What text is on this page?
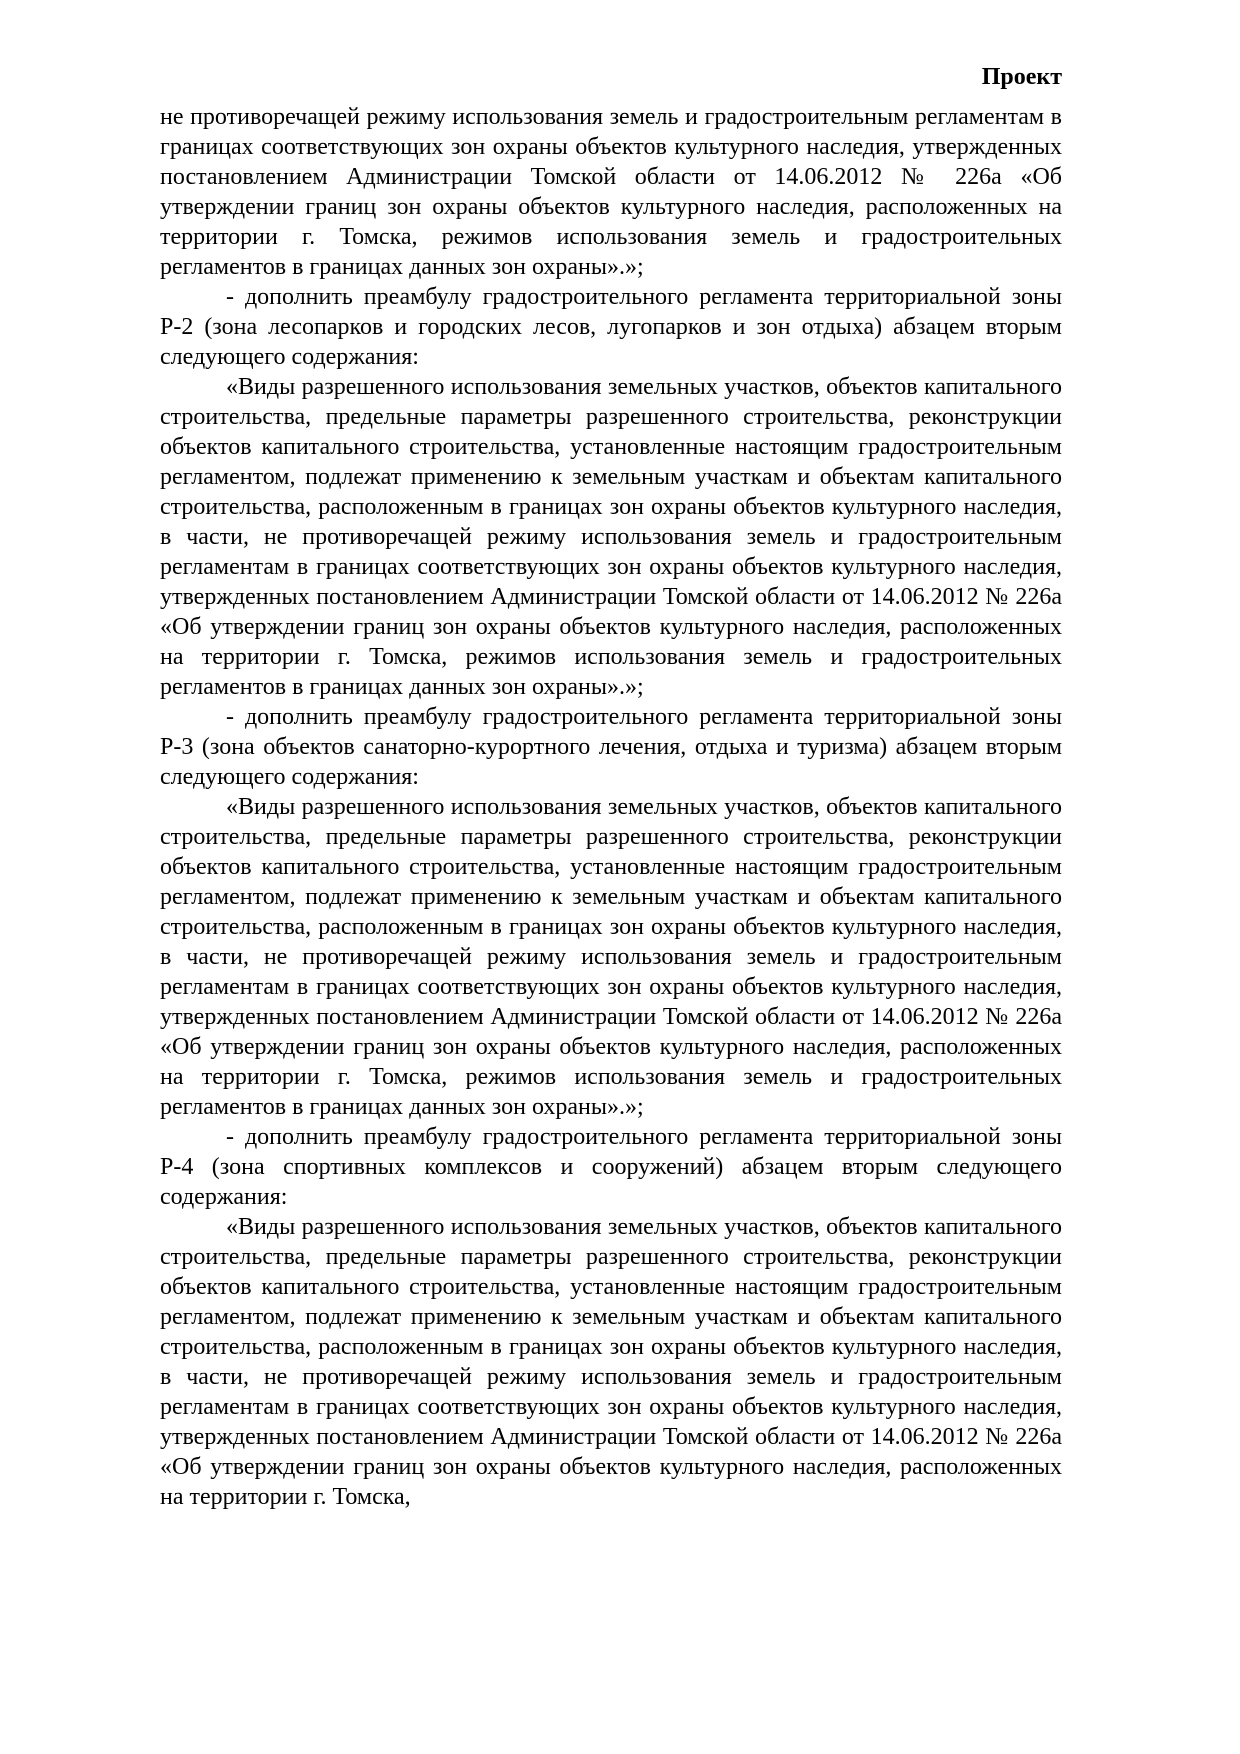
Проект

не противоречащей режиму использования земель и градостроительным регламентам в границах соответствующих зон охраны объектов культурного наследия, утвержденных постановлением Администрации Томской области от 14.06.2012 № 226а «Об утверждении границ зон охраны объектов культурного наследия, расположенных на территории г. Томска, режимов использования земель и градостроительных регламентов в границах данных зон охраны».»;

- дополнить преамбулу градостроительного регламента территориальной зоны Р-2 (зона лесопарков и городских лесов, лугопарков и зон отдыха) абзацем вторым следующего содержания:

«Виды разрешенного использования земельных участков, объектов капитального строительства, предельные параметры разрешенного строительства, реконструкции объектов капитального строительства, установленные настоящим градостроительным регламентом, подлежат применению к земельным участкам и объектам капитального строительства, расположенным в границах зон охраны объектов культурного наследия, в части, не противоречащей режиму использования земель и градостроительным регламентам в границах соответствующих зон охраны объектов культурного наследия, утвержденных постановлением Администрации Томской области от 14.06.2012 № 226а «Об утверждении границ зон охраны объектов культурного наследия, расположенных на территории г. Томска, режимов использования земель и градостроительных регламентов в границах данных зон охраны».»;

- дополнить преамбулу градостроительного регламента территориальной зоны Р-3 (зона объектов санаторно-курортного лечения, отдыха и туризма) абзацем вторым следующего содержания:

«Виды разрешенного использования земельных участков, объектов капитального строительства, предельные параметры разрешенного строительства, реконструкции объектов капитального строительства, установленные настоящим градостроительным регламентом, подлежат применению к земельным участкам и объектам капитального строительства, расположенным в границах зон охраны объектов культурного наследия, в части, не противоречащей режиму использования земель и градостроительным регламентам в границах соответствующих зон охраны объектов культурного наследия, утвержденных постановлением Администрации Томской области от 14.06.2012 № 226а «Об утверждении границ зон охраны объектов культурного наследия, расположенных на территории г. Томска, режимов использования земель и градостроительных регламентов в границах данных зон охраны».»;

- дополнить преамбулу градостроительного регламента территориальной зоны Р-4 (зона спортивных комплексов и сооружений) абзацем вторым следующего содержания:

«Виды разрешенного использования земельных участков, объектов капитального строительства, предельные параметры разрешенного строительства, реконструкции объектов капитального строительства, установленные настоящим градостроительным регламентом, подлежат применению к земельным участкам и объектам капитального строительства, расположенным в границах зон охраны объектов культурного наследия, в части, не противоречащей режиму использования земель и градостроительным регламентам в границах соответствующих зон охраны объектов культурного наследия, утвержденных постановлением Администрации Томской области от 14.06.2012 № 226а «Об утверждении границ зон охраны объектов культурного наследия, расположенных на территории г. Томска,
